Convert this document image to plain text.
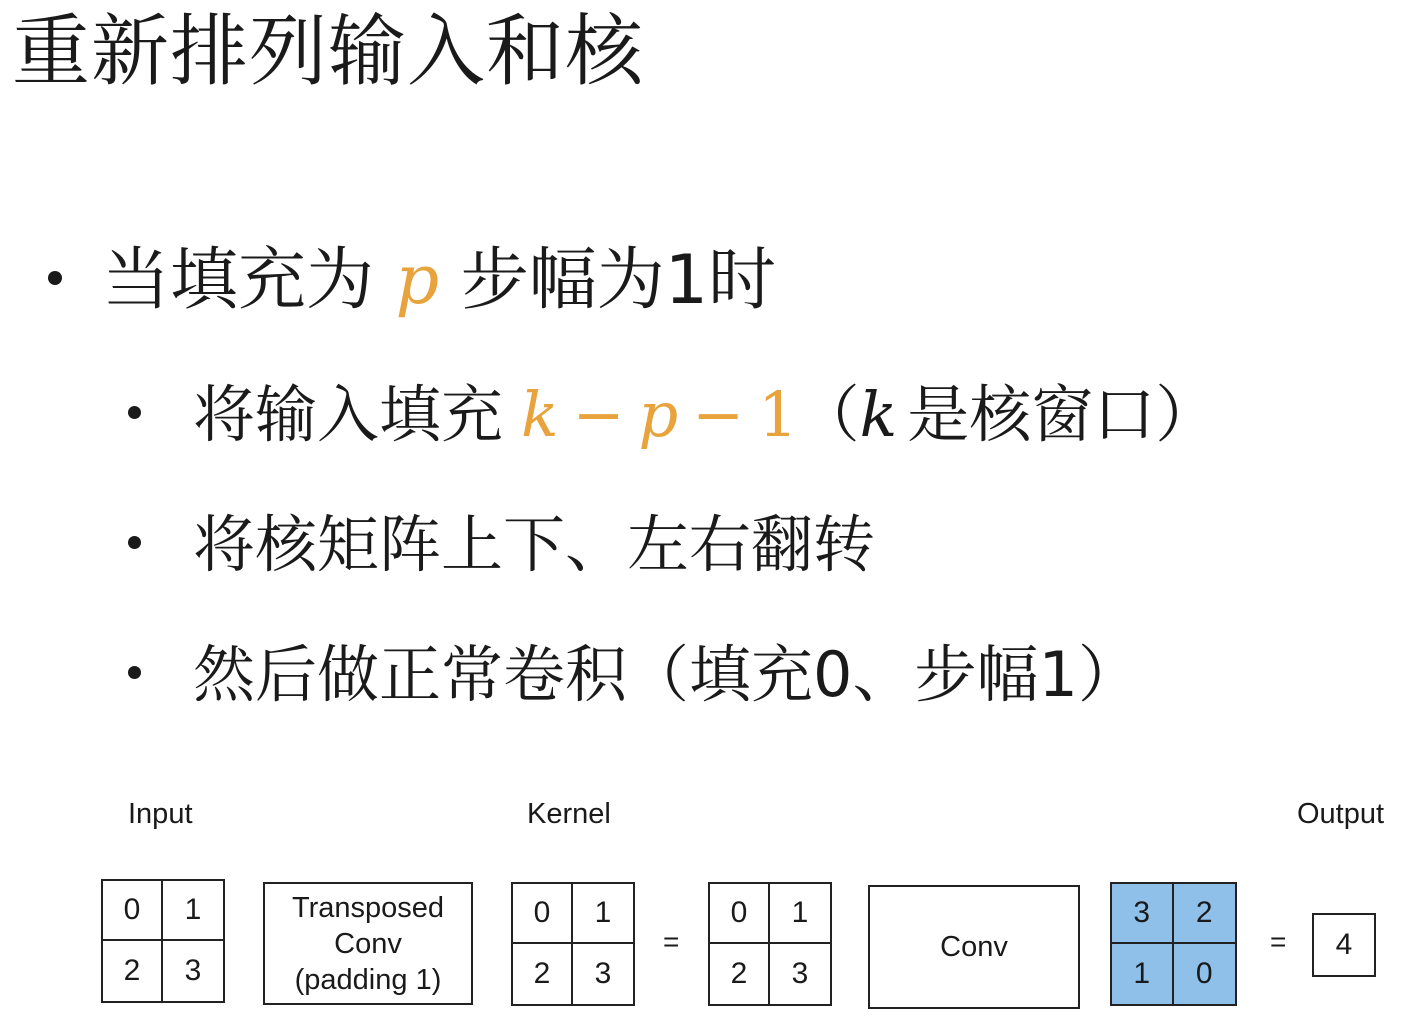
重新排列输入和核
当填充为 p 步幅为1时
将输入填充 k − p − 1（k 是核窗口）
将核矩阵上下、左右翻转
然后做正常卷积（填充0、步幅1）
Input	Kernel	Output
0	1
2	3
Transposed
Conv
(padding 1)
0	1
2	3
=
0	1
2	3
Conv
3	2
1	0
=	4
